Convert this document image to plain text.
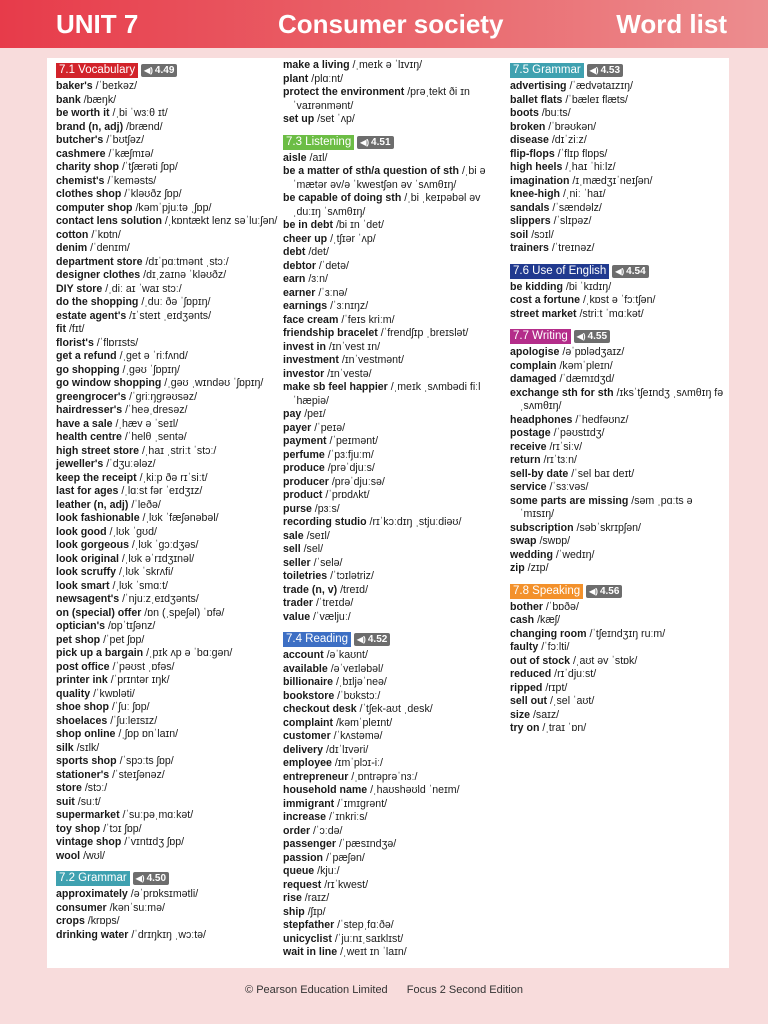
UNIT 7	Consumer society	Word list
7.1 Vocabulary	◀) 4.49
baker's /ˈbeɪkəz/
bank /bæŋk/
be worth it /ˌbi ˈwɜːθ ɪt/
brand (n, adj) /brænd/
butcher's /ˈbʊtʃəz/
cashmere /ˈkæʃmɪə/
charity shop /ˈtʃærəti ʃɒp/
chemist's /ˈkeməsts/
clothes shop /ˈkləʊðz ʃɒp/
computer shop /kəmˈpjuːtə ˌʃɒp/
contact lens solution /ˌkɒntækt lenz səˈluːʃən/
cotton /ˈkɒtn/
denim /ˈdenɪm/
department store /dɪˈpɑːtmənt ˌstɔː/
designer clothes /dɪˌzaɪnə ˈkləʊðz/
DIY store /ˌdiː aɪ ˈwaɪ stɔː/
do the shopping /ˌduː ðə ˈʃɒpɪŋ/
estate agent's /ɪˈsteɪt ˌeɪdʒənts/
fit /fɪt/
florist's /ˈflɒrɪsts/
get a refund /ˌget ə ˈriːfʌnd/
go shopping /ˌgəʊ ˈʃɒpɪŋ/
go window shopping /ˌgəʊ ˌwɪndəʊ ˈʃɒpɪŋ/
greengrocer's /ˈgriːŋgrəʊsəz/
hairdresser's /ˈheəˌdresəz/
have a sale /ˌhæv ə ˈseɪl/
health centre /ˈhelθ ˌsentə/
high street store /ˌhaɪ ˌstriːt ˈstɔː/
jeweller's /ˈdʒuːələz/
keep the receipt /ˌkiːp ðə rɪˈsiːt/
last for ages /ˌlɑːst fər ˈeɪdʒɪz/
leather (n, adj) /ˈleðə/
look fashionable /ˌlʊk ˈfæʃənəbəl/
look good /ˌlʊk ˈgʊd/
look gorgeous /ˌlʊk ˈgɔːdʒəs/
look original /ˌlʊk əˈrɪdʒɪnəl/
look scruffy /ˌlʊk ˈskrʌfi/
look smart /ˌlʊk ˈsmɑːt/
newsagent's /ˈnjuːzˌeɪdʒənts/
on (special) offer /ɒn (ˌspeʃəl) ˈɒfə/
optician's /ɒpˈtɪʃənz/
pet shop /ˈpet ʃɒp/
pick up a bargain /ˌpɪk ʌp ə ˈbɑːgən/
post office /ˈpəʊst ˌɒfəs/
printer ink /ˈprɪntər ɪŋk/
quality /ˈkwɒləti/
shoe shop /ˈʃuː ʃɒp/
shoelaces /ˈʃuːleɪsɪz/
shop online /ˌʃɒp ɒnˈlaɪn/
silk /sɪlk/
sports shop /ˈspɔːts ʃɒp/
stationer's /ˈsteɪʃənəz/
store /stɔː/
suit /suːt/
supermarket /ˈsuːpəˌmɑːkət/
toy shop /ˈtɔɪ ʃɒp/
vintage shop /ˈvɪntɪdʒ ʃɒp/
wool /wʊl/
7.2 Grammar	◀) 4.50
approximately /əˈprɒksɪmətli/
consumer /kənˈsuːmə/
crops /krɒps/
drinking water /ˈdrɪŋkɪŋ ˌwɔːtə/
make a living /ˌmeɪk ə ˈlɪvɪŋ/
plant /plɑːnt/
protect the environment /prəˌtekt ði ɪnˈvaɪrənmənt/
set up /set ˈʌp/
7.3 Listening	◀) 4.51
aisle /aɪl/
be a matter of sth/a question of sth /ˌbi ə ˈmætər əv/ə ˈkwestʃən əv ˈsʌmθɪŋ/
be capable of doing sth /ˌbi ˌkeɪpəbəl əv ˌduːɪŋ ˈsʌmθɪŋ/
be in debt /bi ɪn ˈdet/
cheer up /ˌtʃɪər ˈʌp/
debt /det/
debtor /ˈdetə/
earn /ɜːn/
earner /ˈɜːnə/
earnings /ˈɜːnɪŋz/
face cream /ˈfeɪs kriːm/
friendship bracelet /ˈfrendʃɪp ˌbreɪslət/
invest in /ɪnˈvest ɪn/
investment /ɪnˈvestmənt/
investor /ɪnˈvestə/
make sb feel happier /ˌmeɪk ˌsʌmbədi fiːl ˈhæpiə/
pay /peɪ/
payer /ˈpeɪə/
payment /ˈpeɪmənt/
perfume /ˈpɜːfjuːm/
produce /prəˈdjuːs/
producer /prəˈdjuːsə/
product /ˈprɒdʌkt/
purse /pɜːs/
recording studio /rɪˈkɔːdɪŋ ˌstjuːdiəʊ/
sale /seɪl/
sell /sel/
seller /ˈselə/
toiletries /ˈtɔɪlətriz/
trade (n, v) /treɪd/
trader /ˈtreɪdə/
value /ˈvæljuː/
7.4 Reading	◀) 4.52
account /əˈkaʊnt/
available /əˈveɪləbəl/
billionaire /ˌbɪljəˈneə/
bookstore /ˈbʊkstɔː/
checkout desk /ˈtʃek-aʊt ˌdesk/
complaint /kəmˈpleɪnt/
customer /ˈkʌstəmə/
delivery /dɪˈlɪvəri/
employee /ɪmˈplɔɪ-iː/
entrepreneur /ˌɒntrəprəˈnɜː/
household name /ˌhaʊshəʊld ˈneɪm/
immigrant /ˈɪmɪgrənt/
increase /ˈɪnkriːs/
order /ˈɔːdə/
passenger /ˈpæsɪndʒə/
passion /ˈpæʃən/
queue /kjuː/
request /rɪˈkwest/
rise /raɪz/
ship /ʃɪp/
stepfather /ˈstepˌfɑːðə/
unicyclist /ˈjuːnɪˌsaɪklɪst/
wait in line /ˌweɪt ɪn ˈlaɪn/
7.5 Grammar	◀) 4.53
advertising /ˈædvətaɪzɪŋ/
ballet flats /ˈbæleɪ flæts/
boots /buːts/
broken /ˈbrəʊkən/
disease /dɪˈziːz/
flip-flops /ˈflɪp flɒps/
high heels /ˌhaɪ ˈhiːlz/
imagination /ɪˌmædʒɪˈneɪʃən/
knee-high /ˌniː ˈhaɪ/
sandals /ˈsændəlz/
slippers /ˈslɪpəz/
soil /sɔɪl/
trainers /ˈtreɪnəz/
7.6 Use of English	◀) 4.54
be kidding /bi ˈkɪdɪŋ/
cost a fortune /ˌkɒst ə ˈfɔːtʃən/
street market /striːt ˈmɑːkət/
7.7 Writing	◀) 4.55
apologise /əˈpɒlədʒaɪz/
complain /kəmˈpleɪn/
damaged /ˈdæmɪdʒd/
exchange sth for sth /ɪksˈtʃeɪndʒ ˌsʌmθɪŋ fə ˌsʌmθɪŋ/
headphones /ˈhedfəʊnz/
postage /ˈpəʊstɪdʒ/
receive /rɪˈsiːv/
return /rɪˈtɜːn/
sell-by date /ˈsel baɪ deɪt/
service /ˈsɜːvəs/
some parts are missing /səm ˌpɑːts ə ˈmɪsɪŋ/
subscription /səbˈskrɪpʃən/
swap /swɒp/
wedding /ˈwedɪŋ/
zip /zɪp/
7.8 Speaking	◀) 4.56
bother /ˈbɒðə/
cash /kæʃ/
changing room /ˈtʃeɪndʒɪŋ ruːm/
faulty /ˈfɔːlti/
out of stock /ˌaʊt əv ˈstɒk/
reduced /rɪˈdjuːst/
ripped /rɪpt/
sell out /ˌsel ˈaʊt/
size /saɪz/
try on /ˌtraɪ ˈɒn/
© Pearson Education Limited Focus 2 Second Edition
